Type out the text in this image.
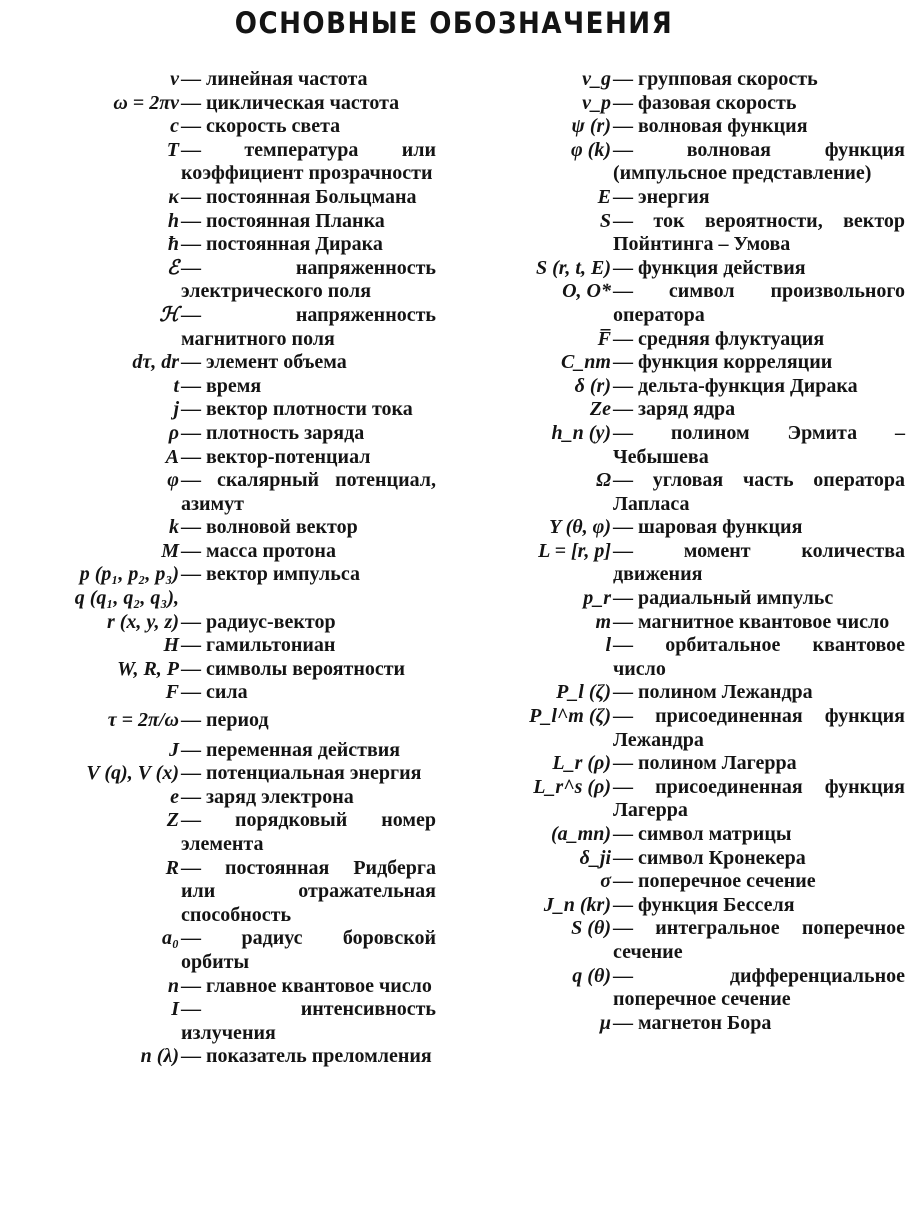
ОСНОВНЫЕ ОБОЗНАЧЕНИЯ
ν	— линейная частота
ω = 2πν	— циклическая частота
c	— скорость света
T	— температура или коэффициент прозрачности
κ	— постоянная Больцмана
h	— постоянная Планка
ħ	— постоянная Дирака
ℰ	— напряженность электрического поля
ℋ	— напряженность магнитного поля
dτ, dr	— элемент объема
t	— время
j	— вектор плотности тока
ρ	— плотность заряда
A	— вектор-потенциал
φ	— скалярный потенциал, азимут
k	— волновой вектор
M	— масса протона
p (p₁, p₂, p₃)	— вектор импульса
q (q₁, q₂, q₃),
r (x, y, z)	— радиус-вектор
H	— гамильтониан
W, R, P	— символы вероятности
F	— сила
τ = 2π/ω	— период
J	— переменная действия
V (q), V (x)	— потенциальная энергия
e	— заряд электрона
Z	— порядковый номер элемента
R	— постоянная Ридберга или отражательная способность
a₀	— радиус боровской орбиты
n	— главное квантовое число
I	— интенсивность излучения
n (λ)	— показатель преломления
v_g	— групповая скорость
v_p	— фазовая скорость
ψ (r)	— волновая функция
φ (k)	— волновая функция (импульсное представление)
E	— энергия
S	— ток вероятности, вектор Пойнтинга – Умова
S (r, t, E)	— функция действия
O, O*	— символ произвольного оператора
F̅	— средняя флуктуация
C_nm	— функция корреляции
δ (r)	— дельта-функция Дирака
Ze	— заряд ядра
h_n (y)	— полином Эрмита – Чебышева
Ω	— угловая часть оператора Лапласа
Y (θ, φ)	— шаровая функция
L = [r, p]	— момент количества движения
p_r	— радиальный импульс
m	— магнитное квантовое число
l	— орбитальное квантовое число
P_l (ζ)	— полином Лежандра
P_l^m (ζ)	— присоединенная функция Лежандра
L_r (ρ)	— полином Лагерра
L_r^s (ρ)	— присоединенная функция Лагерра
(a_mn)	— символ матрицы
δ_ji	— символ Кронекера
σ	— поперечное сечение
J_n (kr)	— функция Бесселя
S (θ)	— интегральное поперечное сечение
q (θ)	— дифференциальное поперечное сечение
μ	— магнетон Бора
